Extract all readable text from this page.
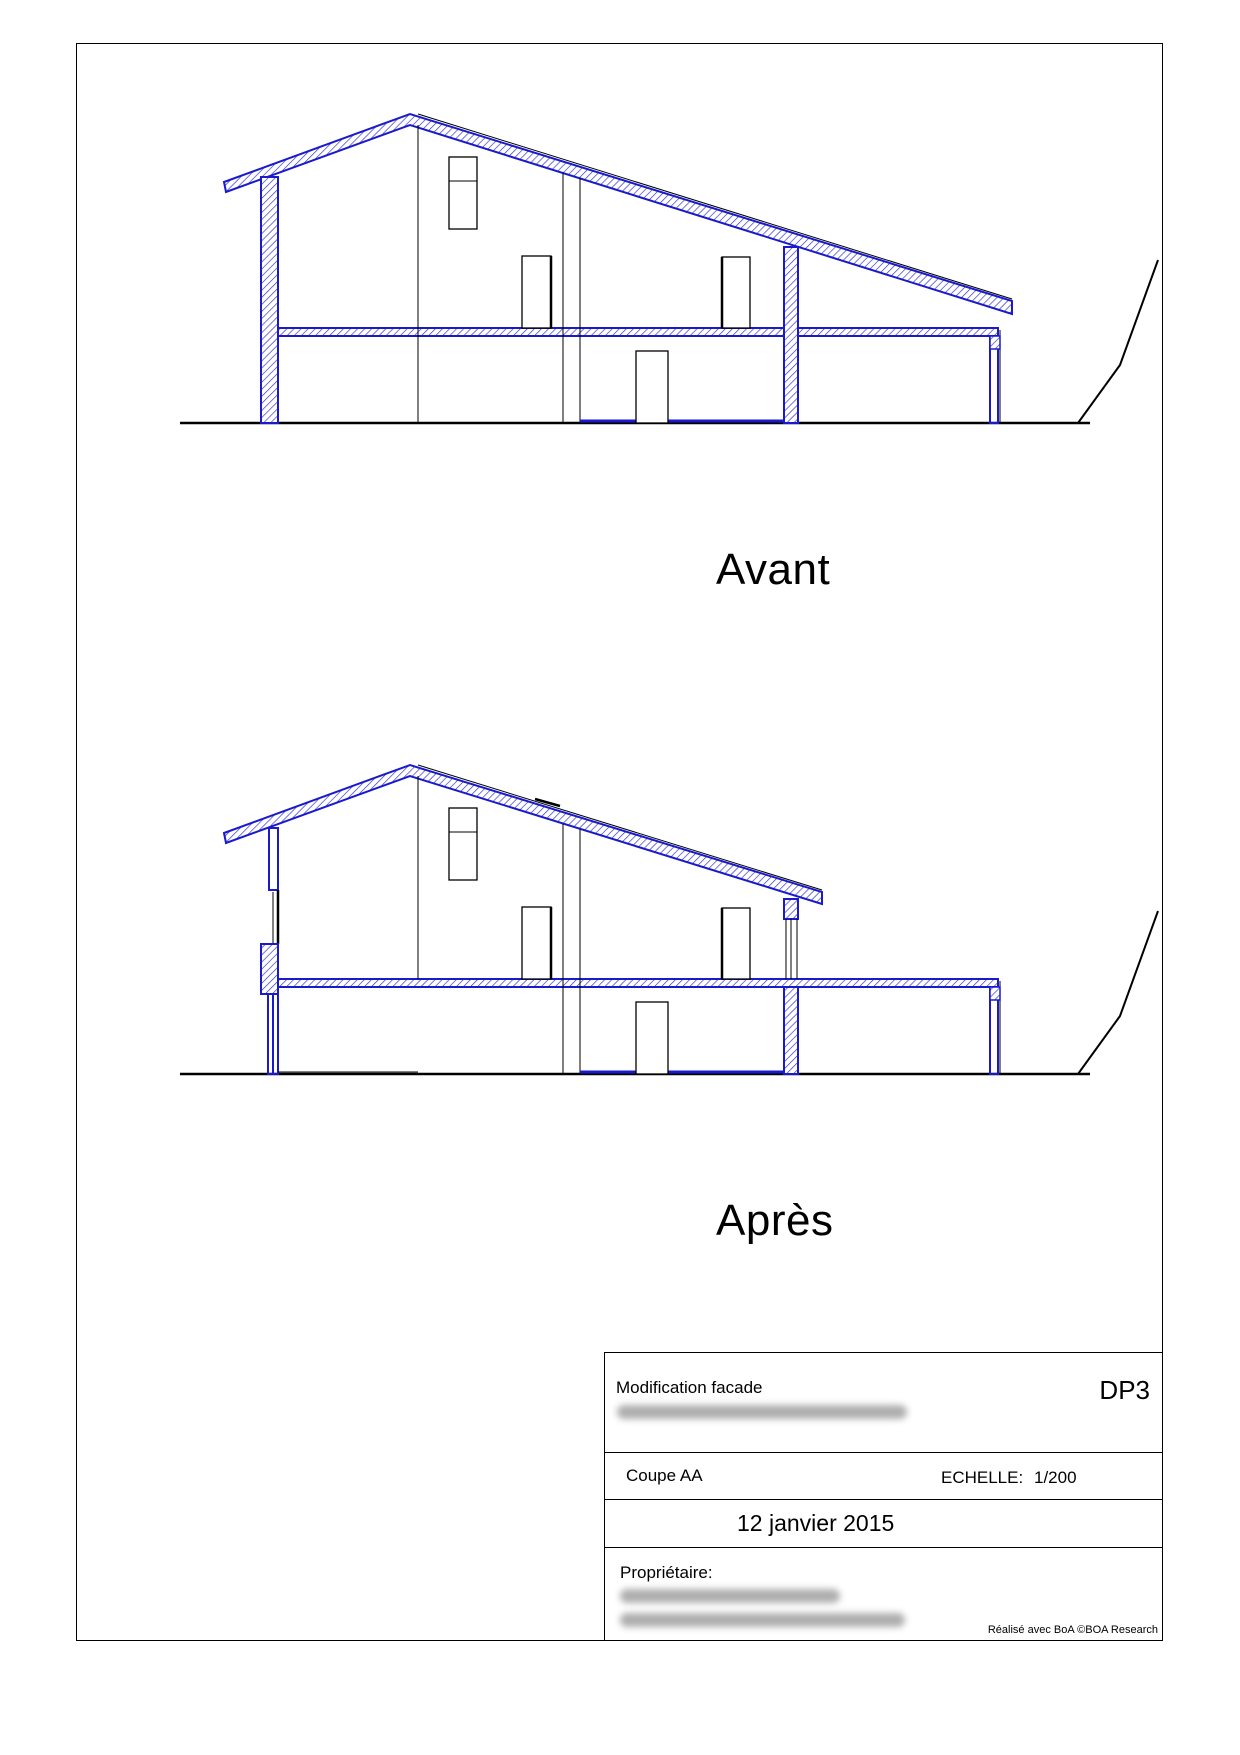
Avant
Après
Modification facade	DP3
Coupe AA	ECHELLE: 1/200
12 janvier 2015
Propriétaire:
Réalisé avec BoA ©BOA Research
